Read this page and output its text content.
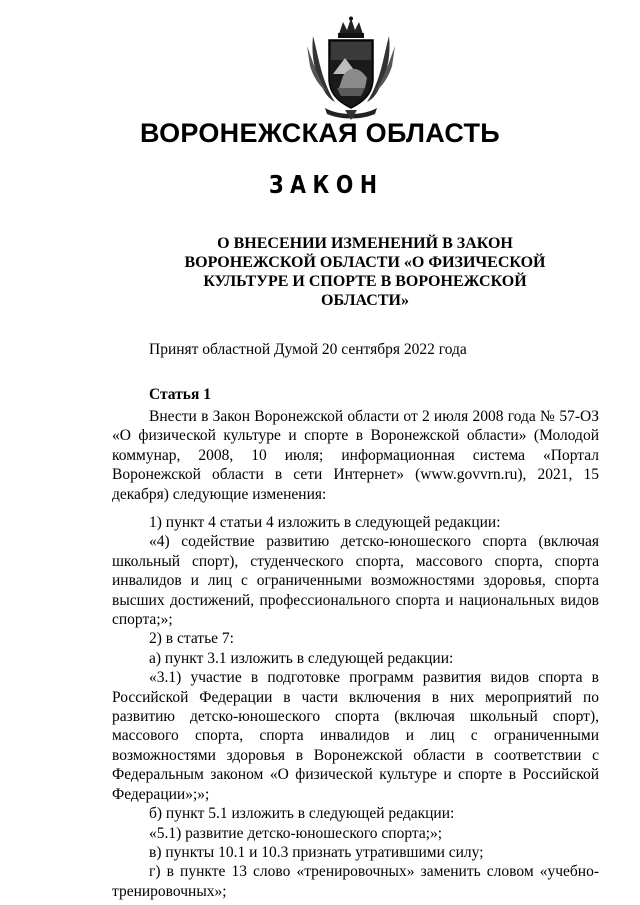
ВОРОНЕЖСКАЯ ОБЛАСТЬ
ЗАКОН
О ВНЕСЕНИИ ИЗМЕНЕНИЙ В ЗАКОН
ВОРОНЕЖСКОЙ ОБЛАСТИ «О ФИЗИЧЕСКОЙ
КУЛЬТУРЕ И СПОРТЕ В ВОРОНЕЖСКОЙ
ОБЛАСТИ»
Принят областной Думой 20 сентября 2022 года
Статья 1

Внести в Закон Воронежской области от 2 июля 2008 года № 57-ОЗ «О физической культуре и спорте в Воронежской области» (Молодой коммунар, 2008, 10 июля; информационная система «Портал Воронежской области в сети Интернет» (www.govvrn.ru), 2021, 15 декабря) следующие изменения:

1) пункт 4 статьи 4 изложить в следующей редакции:

«4) содействие развитию детско-юношеского спорта (включая школьный спорт), студенческого спорта, массового спорта, спорта инвалидов и лиц с ограниченными возможностями здоровья, спорта высших достижений, профессионального спорта и национальных видов спорта;»;

2) в статье 7:

а) пункт 3.1 изложить в следующей редакции:

«3.1) участие в подготовке программ развития видов спорта в Российской Федерации в части включения в них мероприятий по развитию детско-юношеского спорта (включая школьный спорт), массового спорта, спорта инвалидов и лиц с ограниченными возможностями здоровья в Воронежской области в соответствии с Федеральным законом «О физической культуре и спорте в Российской Федерации»;»;

б) пункт 5.1 изложить в следующей редакции:

«5.1) развитие детско-юношеского спорта;»;

в) пункты 10.1 и 10.3 признать утратившими силу;

г) в пункте 13 слово «тренировочных» заменить словом «учебно-тренировочных»;
